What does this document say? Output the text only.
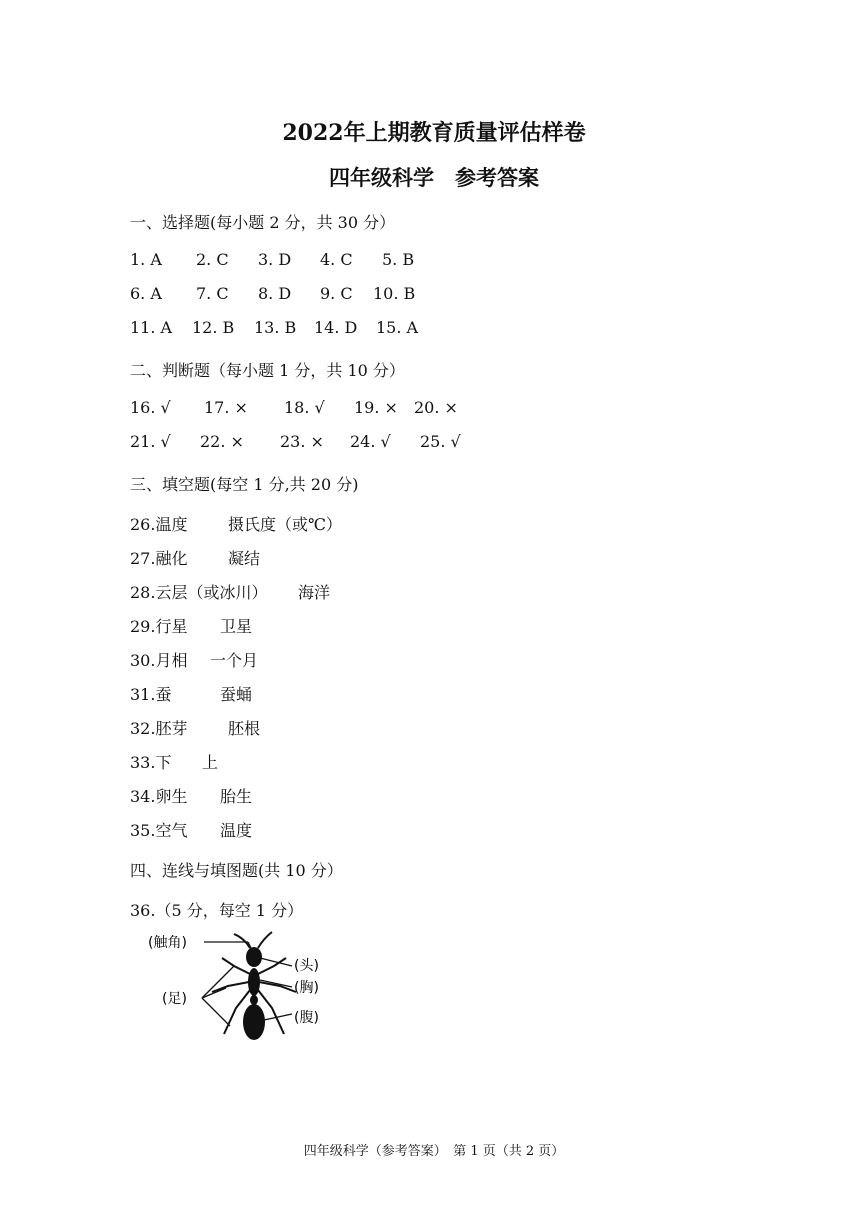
2022年上期教育质量评估样卷
四年级科学　参考答案
一、选择题(每小题 2 分，共 30 分）
1. A 2. C 3. D 4. C 5. B
6. A 7. C 8. D 9. C 10. B
11. A 12. B 13. B 14. D 15. A
二、判断题（每小题 1 分，共 10 分）
16. √ 17. × 18. √ 19. × 20. ×
21. √ 22. × 23. × 24. √ 25. √
三、填空题(每空 1 分,共 20 分)
26.温度	摄氏度（或℃）
27.融化	凝结
28.云层（或冰川） 海洋
29.行星 卫星
30.月相 一个月
31.蚕	蚕蛹
32.胚芽	胚根
33.下 上
34.卵生 胎生
35.空气 温度
四、连线与填图题(共 10 分）
36.（5 分，每空 1 分）
(触角)
(头)
(胸)
(足)
(腹)
四年级科学（参考答案）　第 1 页（共 2 页）
